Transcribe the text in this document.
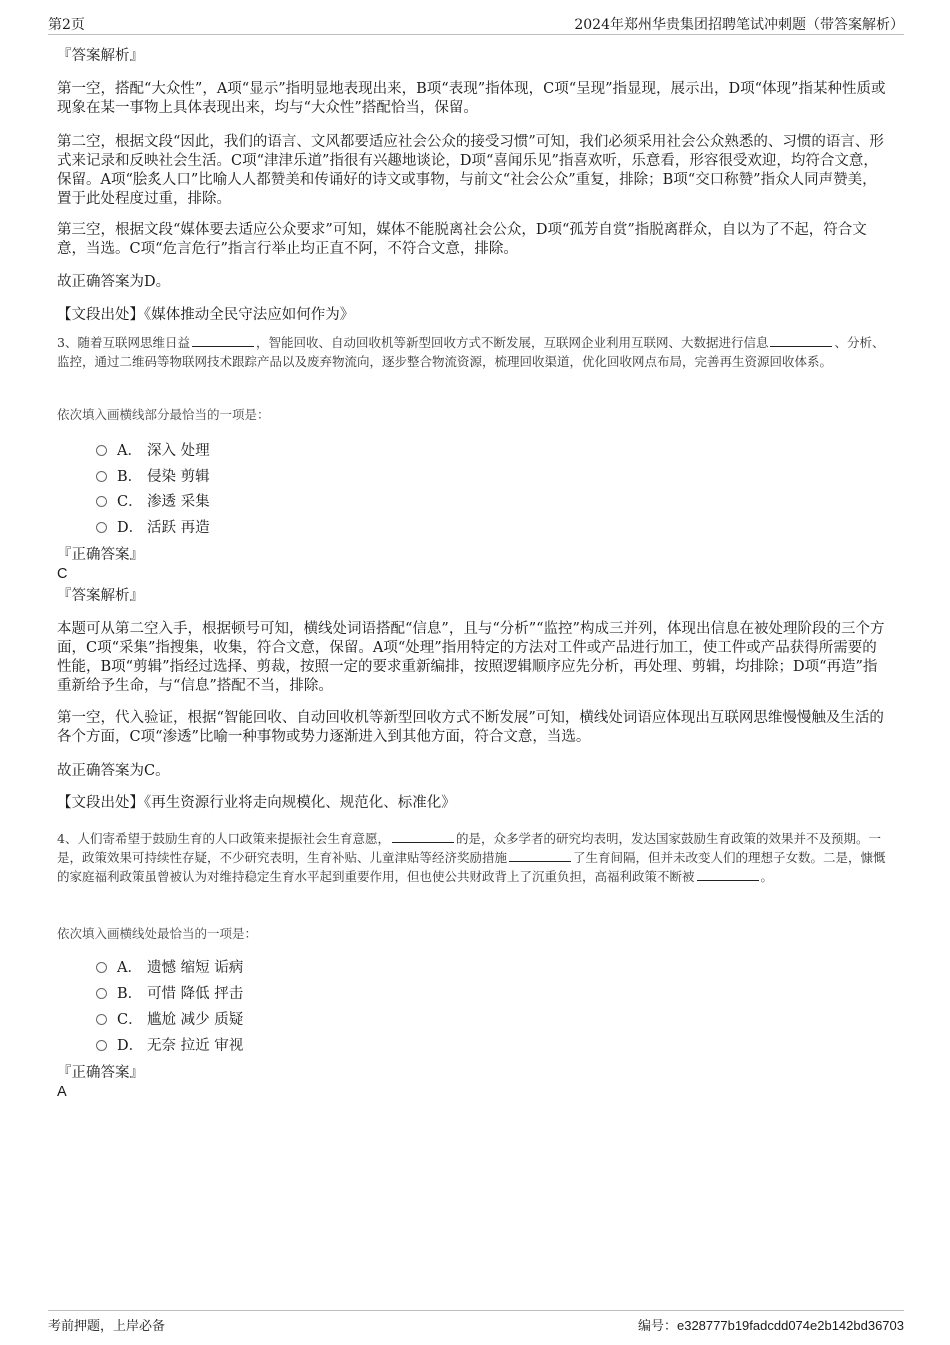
第2页	2024年郑州华贵集团招聘笔试冲刺题（带答案解析）
『答案解析』
第一空，搭配“大众性”，A项“显示”指明显地表现出来，B项“表现”指体现，C项“呈现”指显现，展示出，D项“体现”指某种性质或现象在某一事物上具体表现出来，均与“大众性”搭配恰当，保留。
第二空，根据文段“因此，我们的语言、文风都要适应社会公众的接受习惯”可知，我们必须采用社会公众熟悉的、习惯的语言、形式来记录和反映社会生活。C项“津津乐道”指很有兴趣地谈论，D项“喜闻乐见”指喜欢听，乐意看，形容很受欢迎，均符合文意，保留。A项“脍炙人口”比喻人人都赞美和传诵好的诗文或事物，与前文“社会公众”重复，排除；B项“交口称赞”指众人同声赞美，置于此处程度过重，排除。
第三空，根据文段“媒体要去适应公众要求”可知，媒体不能脱离社会公众，D项“孤芳自赏”指脱离群众，自以为了不起，符合文意，当选。C项“危言危行”指言行举止均正直不阿，不符合文意，排除。
故正确答案为D。
【文段出处】《媒体推动全民守法应如何作为》
3、随着互联网思维日益	，智能回收、自动回收机等新型回收方式不断发展，互联网企业利用互联网、大数据进行信息	、分析、监控，通过二维码等物联网技术跟踪产品以及废弃物流向，逐步整合物流资源，梳理回收渠道，优化回收网点布局，完善再生资源回收体系。
依次填入画横线部分最恰当的一项是：
A． 深入 处理
B． 侵染 剪辑
C． 渗透 采集
D． 活跃 再造
『正确答案』
C
『答案解析』
本题可从第二空入手，根据顿号可知，横线处词语搭配“信息”，且与“分析”“监控”构成三并列，体现出信息在被处理阶段的三个方面，C项“采集”指搜集，收集，符合文意，保留。A项“处理”指用特定的方法对工件或产品进行加工，使工件或产品获得所需要的性能，B项“剪辑”指经过选择、剪裁，按照一定的要求重新编排，按照逻辑顺序应先分析，再处理、剪辑，均排除；D项“再造”指重新给予生命，与“信息”搭配不当，排除。
第一空，代入验证，根据“智能回收、自动回收机等新型回收方式不断发展”可知，横线处词语应体现出互联网思维慢慢触及生活的各个方面，C项“渗透”比喻一种事物或势力逐渐进入到其他方面，符合文意，当选。
故正确答案为C。
【文段出处】《再生资源行业将走向规模化、规范化、标准化》
4、人们寄希望于鼓励生育的人口政策来提振社会生育意愿，	的是，众多学者的研究均表明，发达国家鼓励生育政策的效果并不及预期。一是，政策效果可持续性存疑，不少研究表明，生育补贴、儿童津贴等经济奖励措施	了生育间隔，但并未改变人们的理想子女数。二是，慷慨的家庭福利政策虽曾被认为对维持稳定生育水平起到重要作用，但也使公共财政背上了沉重负担，高福利政策不断被	。
依次填入画横线处最恰当的一项是：
A． 遗憾 缩短 诟病
B． 可惜 降低 抨击
C． 尴尬 减少 质疑
D． 无奈 拉近 审视
『正确答案』
A
考前押题，上岸必备	编号：e328777b19fadcdd074e2b142bd36703
